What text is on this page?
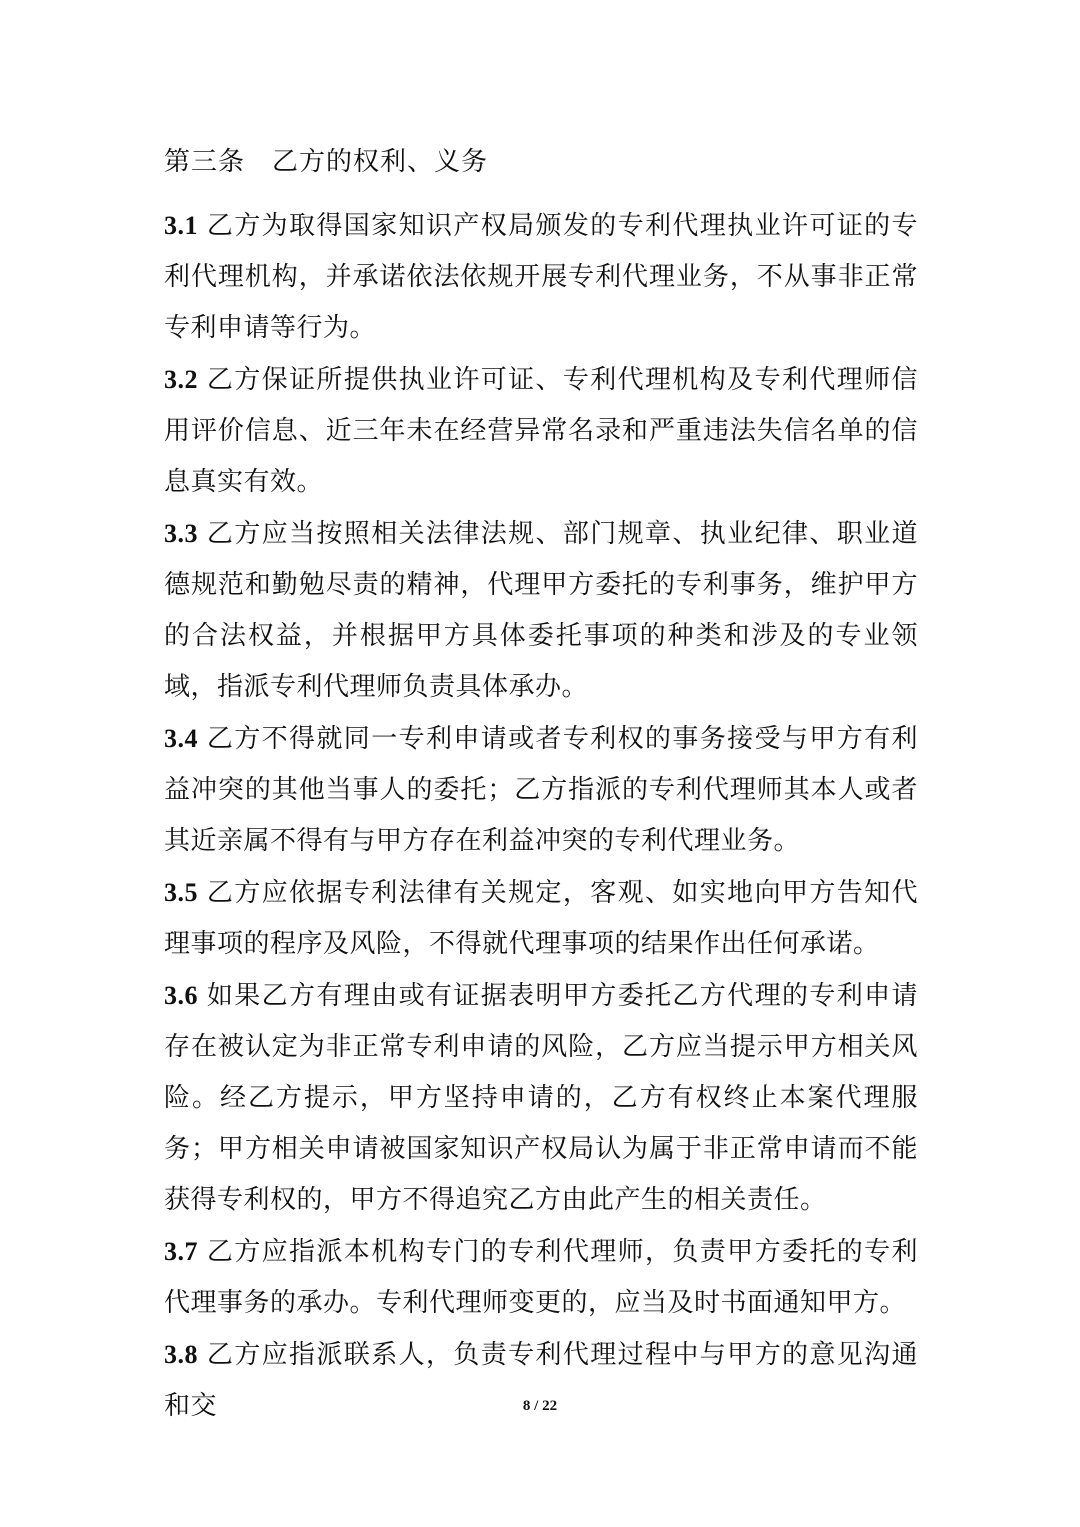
第三条　乙方的权利、义务

3.1 乙方为取得国家知识产权局颁发的专利代理执业许可证的专利代理机构，并承诺依法依规开展专利代理业务，不从事非正常专利申请等行为。

3.2 乙方保证所提供执业许可证、专利代理机构及专利代理师信用评价信息、近三年未在经营异常名录和严重违法失信名单的信息真实有效。

3.3 乙方应当按照相关法律法规、部门规章、执业纪律、职业道德规范和勤勉尽责的精神，代理甲方委托的专利事务，维护甲方的合法权益，并根据甲方具体委托事项的种类和涉及的专业领域，指派专利代理师负责具体承办。

3.4 乙方不得就同一专利申请或者专利权的事务接受与甲方有利益冲突的其他当事人的委托；乙方指派的专利代理师其本人或者其近亲属不得有与甲方存在利益冲突的专利代理业务。

3.5 乙方应依据专利法律有关规定，客观、如实地向甲方告知代理事项的程序及风险，不得就代理事项的结果作出任何承诺。

3.6 如果乙方有理由或有证据表明甲方委托乙方代理的专利申请存在被认定为非正常专利申请的风险，乙方应当提示甲方相关风险。经乙方提示，甲方坚持申请的，乙方有权终止本案代理服务；甲方相关申请被国家知识产权局认为属于非正常申请而不能获得专利权的，甲方不得追究乙方由此产生的相关责任。

3.7 乙方应指派本机构专门的专利代理师，负责甲方委托的专利代理事务的承办。专利代理师变更的，应当及时书面通知甲方。

3.8 乙方应指派联系人，负责专利代理过程中与甲方的意见沟通和交	8 / 22
